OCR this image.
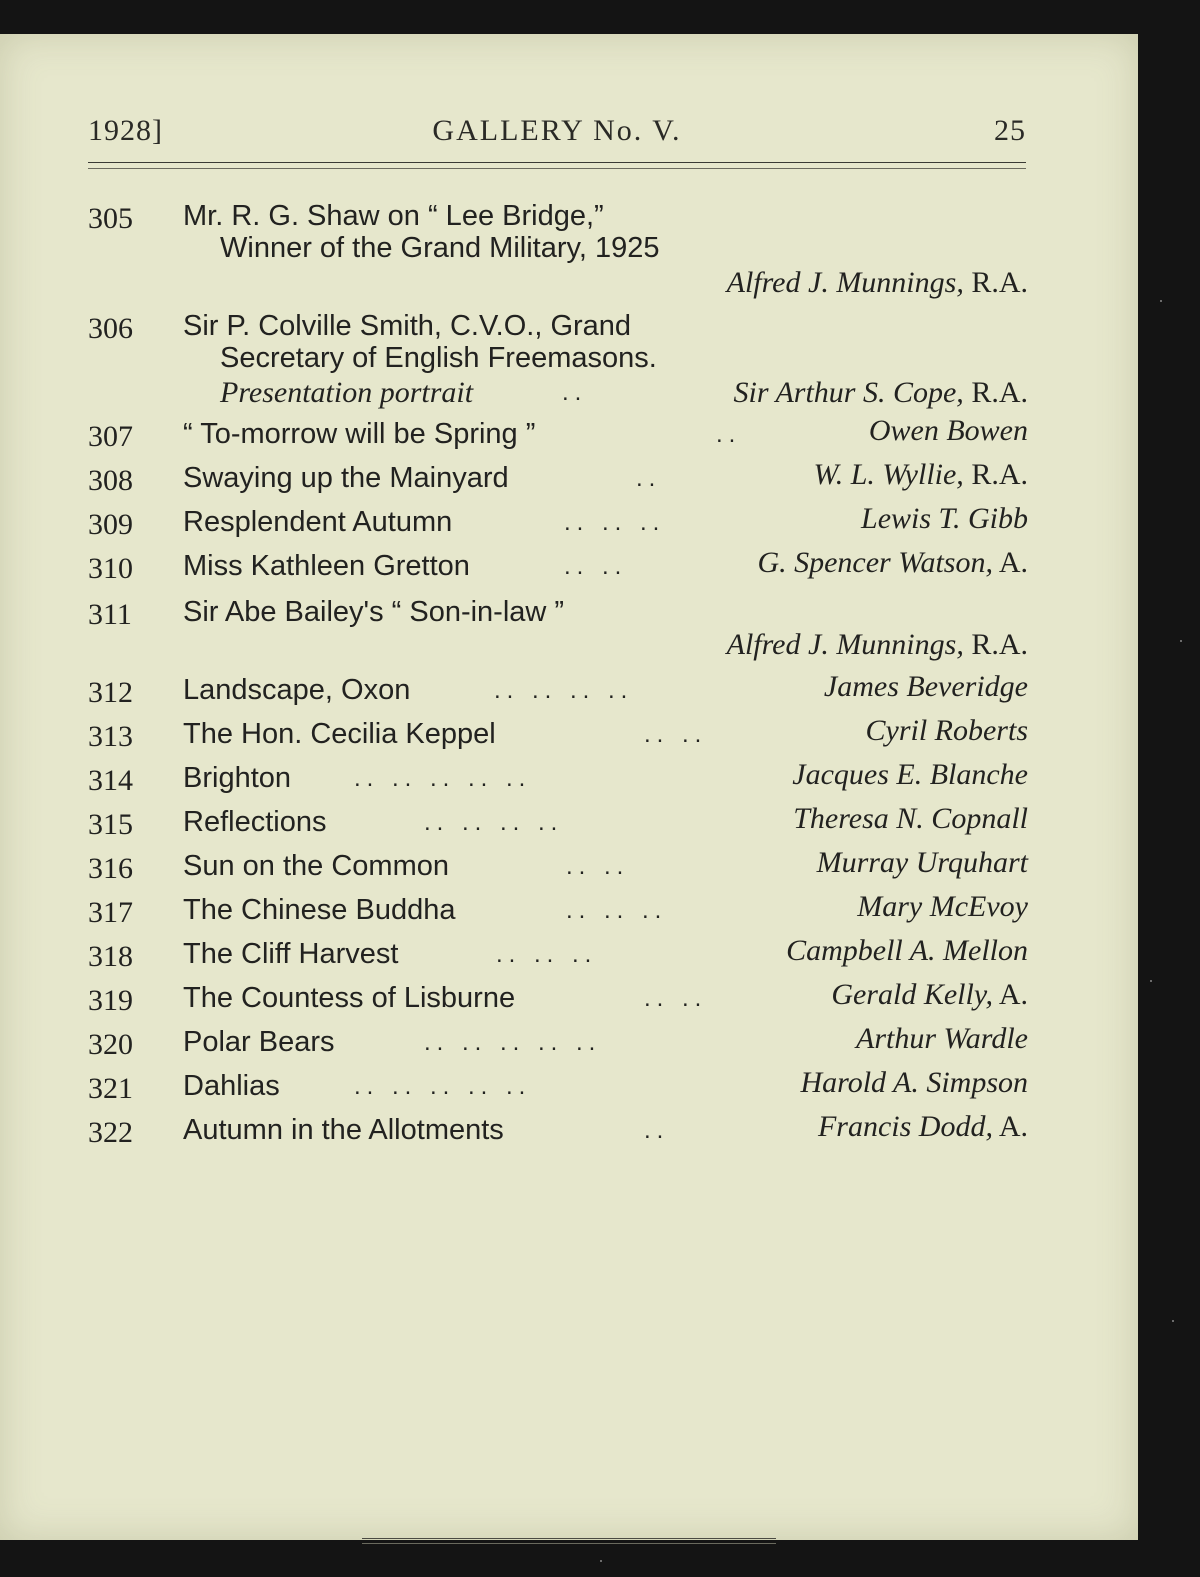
1928]	GALLERY No. V.	25
305 Mr. R. G. Shaw on “ Lee Bridge,”
Winner of the Grand Military, 1925
Alfred J. Munnings, R.A.
306 Sir P. Colville Smith, C.V.O., Grand
Secretary of English Freemasons.
Presentation portrait	..	Sir Arthur S. Cope, R.A.
307 “ To-morrow will be Spring ”	..	Owen Bowen
308 Swaying up the Mainyard	..	W. L. Wyllie, R.A.
309 Resplendent Autumn	.. .. ..	Lewis T. Gibb
310 Miss Kathleen Gretton	.. ..	G. Spencer Watson, A.
311 Sir Abe Bailey's “ Son-in-law ”
Alfred J. Munnings, R.A.
312 Landscape, Oxon	.. .. .. ..	James Beveridge
313 The Hon. Cecilia Keppel	.. ..	Cyril Roberts
314 Brighton	.. .. .. .. ..	Jacques E. Blanche
315 Reflections	.. .. .. ..	Theresa N. Copnall
316 Sun on the Common	.. ..	Murray Urquhart
317 The Chinese Buddha	.. .. ..	Mary McEvoy
318 The Cliff Harvest	.. .. ..	Campbell A. Mellon
319 The Countess of Lisburne	.. ..	Gerald Kelly, A.
320 Polar Bears	.. .. .. .. ..	Arthur Wardle
321 Dahlias	.. .. .. .. ..	Harold A. Simpson
322 Autumn in the Allotments	..	Francis Dodd, A.
